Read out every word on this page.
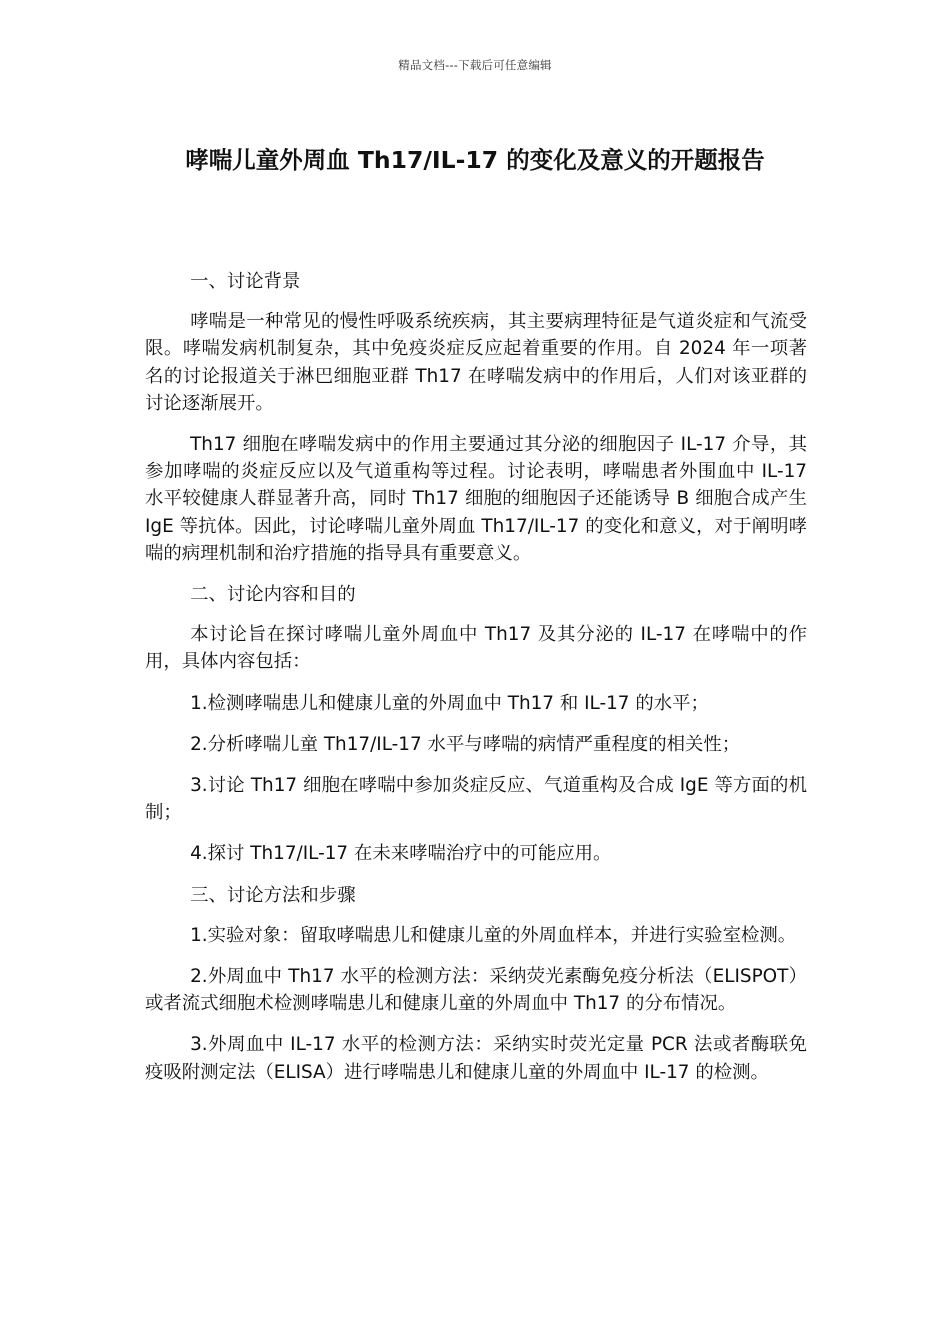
精品文档---下载后可任意编辑
哮喘儿童外周血 Th17/IL-17 的变化及意义的开题报告

一、讨论背景

哮喘是一种常见的慢性呼吸系统疾病，其主要病理特征是气道炎症和气流受限。哮喘发病机制复杂，其中免疫炎症反应起着重要的作用。自 2024 年一项著名的讨论报道关于淋巴细胞亚群 Th17 在哮喘发病中的作用后，人们对该亚群的讨论逐渐展开。

Th17 细胞在哮喘发病中的作用主要通过其分泌的细胞因子 IL-17 介导，其参加哮喘的炎症反应以及气道重构等过程。讨论表明，哮喘患者外围血中 IL-17 水平较健康人群显著升高，同时 Th17 细胞的细胞因子还能诱导 B 细胞合成产生 IgE 等抗体。因此，讨论哮喘儿童外周血 Th17/IL-17 的变化和意义，对于阐明哮喘的病理机制和治疗措施的指导具有重要意义。

二、讨论内容和目的

本讨论旨在探讨哮喘儿童外周血中 Th17 及其分泌的 IL-17 在哮喘中的作用，具体内容包括：

1.检测哮喘患儿和健康儿童的外周血中 Th17 和 IL-17 的水平；

2.分析哮喘儿童 Th17/IL-17 水平与哮喘的病情严重程度的相关性；

3.讨论 Th17 细胞在哮喘中参加炎症反应、气道重构及合成 IgE 等方面的机制；

4.探讨 Th17/IL-17 在未来哮喘治疗中的可能应用。

三、讨论方法和步骤

1.实验对象：留取哮喘患儿和健康儿童的外周血样本，并进行实验室检测。

2.外周血中 Th17 水平的检测方法：采纳荧光素酶免疫分析法（ELISPOT）或者流式细胞术检测哮喘患儿和健康儿童的外周血中 Th17 的分布情况。

3.外周血中 IL-17 水平的检测方法：采纳实时荧光定量 PCR 法或者酶联免疫吸附测定法（ELISA）进行哮喘患儿和健康儿童的外周血中 IL-17 的检测。
